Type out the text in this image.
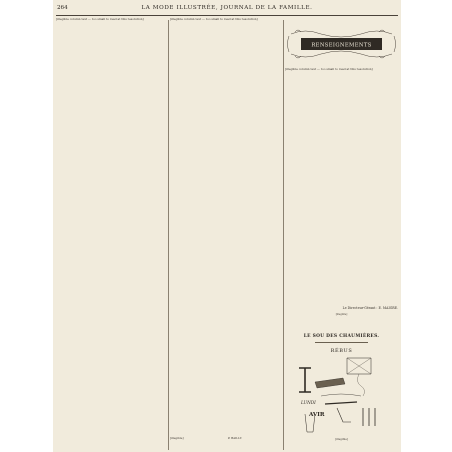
264	LA MODE ILLUSTRÉE, JOURNAL DE LA FAMILLE.

[illegible column text — too small to read at this resolution]	[illegible column text — too small to read at this resolution]

RENSEIGNEMENTS

[illegible column text — too small to read at this resolution]

Le Directeur-Gérant : E. MAIGRE.
[illegible]
LE SOU DES CHAUMIÈRES.
RÉBUS
LUNDI
AVIR
[illegible]
[illegible]	P. BAILLY.
